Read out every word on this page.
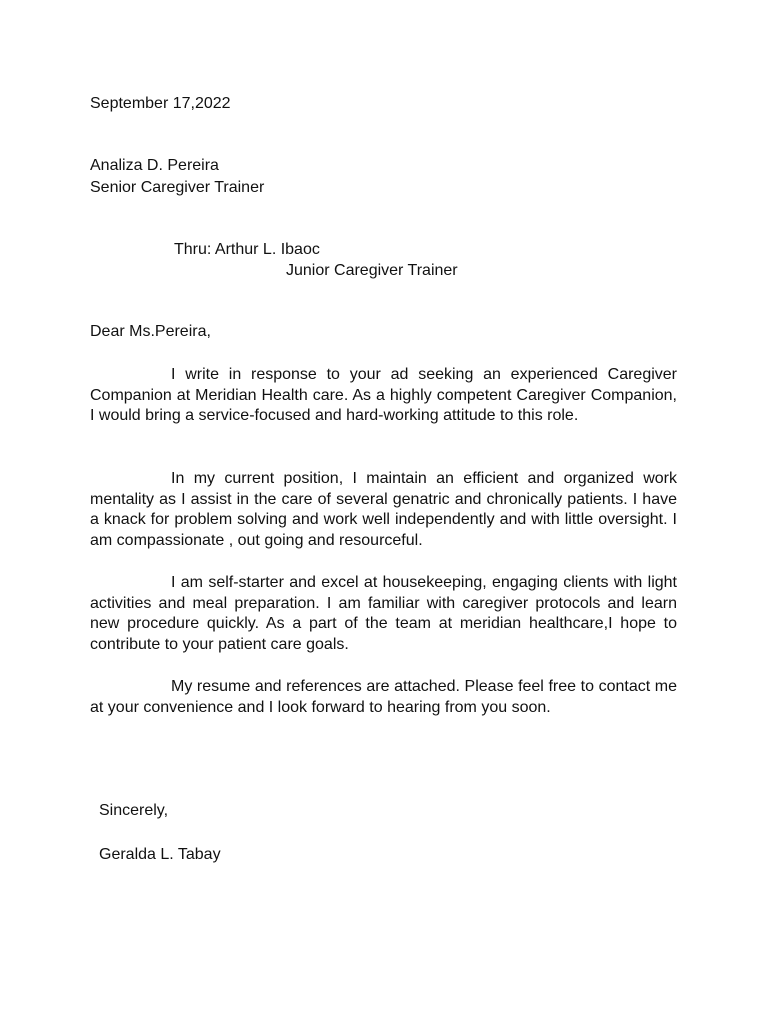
September 17,2022
Analiza D. Pereira
Senior Caregiver Trainer
Thru: Arthur L. Ibaoc
Junior Caregiver Trainer
Dear Ms.Pereira,
I write in response to your ad seeking an experienced Caregiver Companion at Meridian Health care. As a highly competent Caregiver Companion, I would bring a service-focused and hard-working attitude to this role.
In my current position, I maintain an efficient and organized work mentality as I assist in the care of several genatric and chronically patients. I have a knack for problem solving and work well independently and with little oversight. I am compassionate , out going and resourceful.
I am self-starter and excel at housekeeping, engaging clients with light activities and meal preparation. I am familiar with caregiver protocols and learn new procedure quickly. As a part of the team at meridian healthcare,I hope to contribute to your patient care goals.
My resume and references are attached. Please feel free to contact me at your convenience and I look forward to hearing from you soon.
Sincerely,
Geralda L. Tabay
